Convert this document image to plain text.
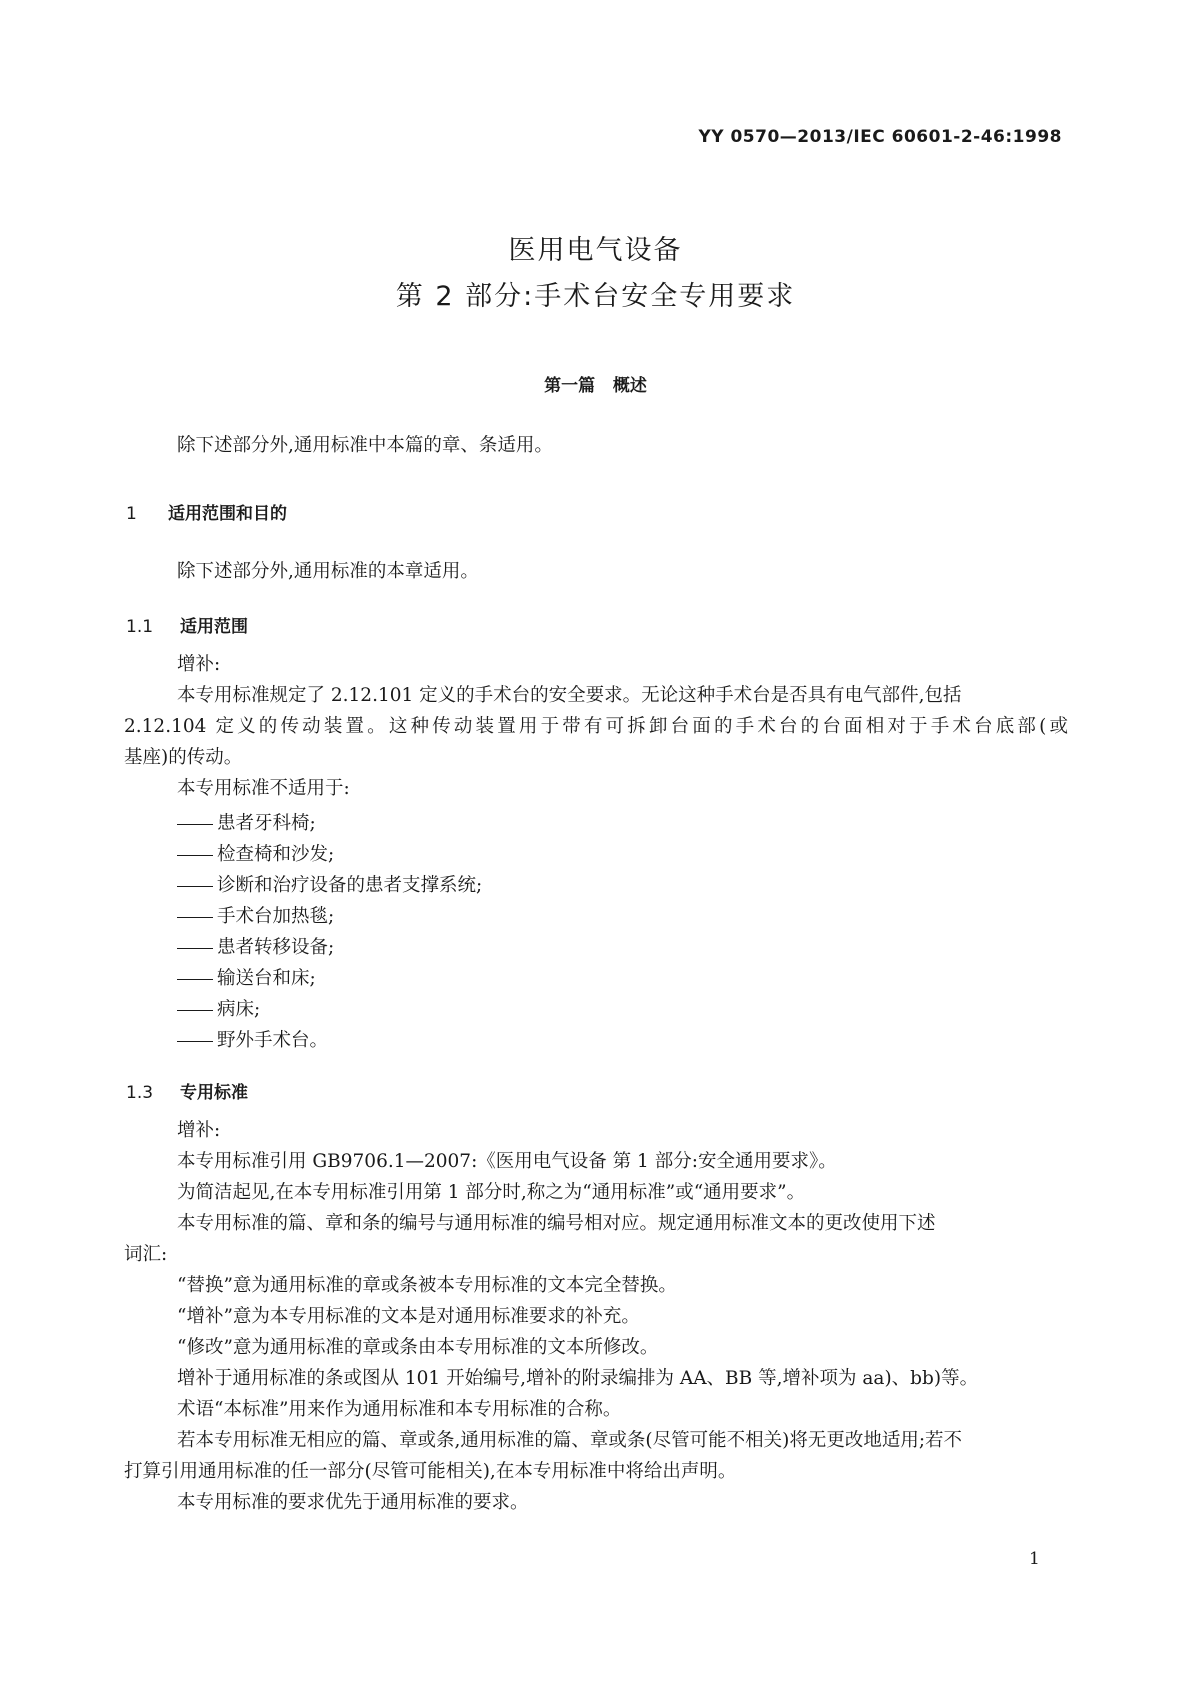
YY 0570—2013/IEC 60601-2-46:1998
医用电气设备
第 2 部分:手术台安全专用要求
第一篇   概述
除下述部分外,通用标准中本篇的章、条适用。
1 适用范围和目的
除下述部分外,通用标准的本章适用。
1.1 适用范围
增补:
本专用标准规定了 2.12.101 定义的手术台的安全要求。无论这种手术台是否具有电气部件,包括
2.12.104 定义的传动装置。这种传动装置用于带有可拆卸台面的手术台的台面相对于手术台底部(或
基座)的传动。
本专用标准不适用于:
患者牙科椅;
检查椅和沙发;
诊断和治疗设备的患者支撑系统;
手术台加热毯;
患者转移设备;
输送台和床;
病床;
野外手术台。
1.3 专用标准
增补:
本专用标准引用 GB9706.1—2007:《医用电气设备 第 1 部分:安全通用要求》。
为简洁起见,在本专用标准引用第 1 部分时,称之为“通用标准”或“通用要求”。
本专用标准的篇、章和条的编号与通用标准的编号相对应。规定通用标准文本的更改使用下述
词汇:
“替换”意为通用标准的章或条被本专用标准的文本完全替换。
“增补”意为本专用标准的文本是对通用标准要求的补充。
“修改”意为通用标准的章或条由本专用标准的文本所修改。
增补于通用标准的条或图从 101 开始编号,增补的附录编排为 AA、BB 等,增补项为 aa)、bb)等。
术语“本标准”用来作为通用标准和本专用标准的合称。
若本专用标准无相应的篇、章或条,通用标准的篇、章或条(尽管可能不相关)将无更改地适用;若不
打算引用通用标准的任一部分(尽管可能相关),在本专用标准中将给出声明。
本专用标准的要求优先于通用标准的要求。
1
